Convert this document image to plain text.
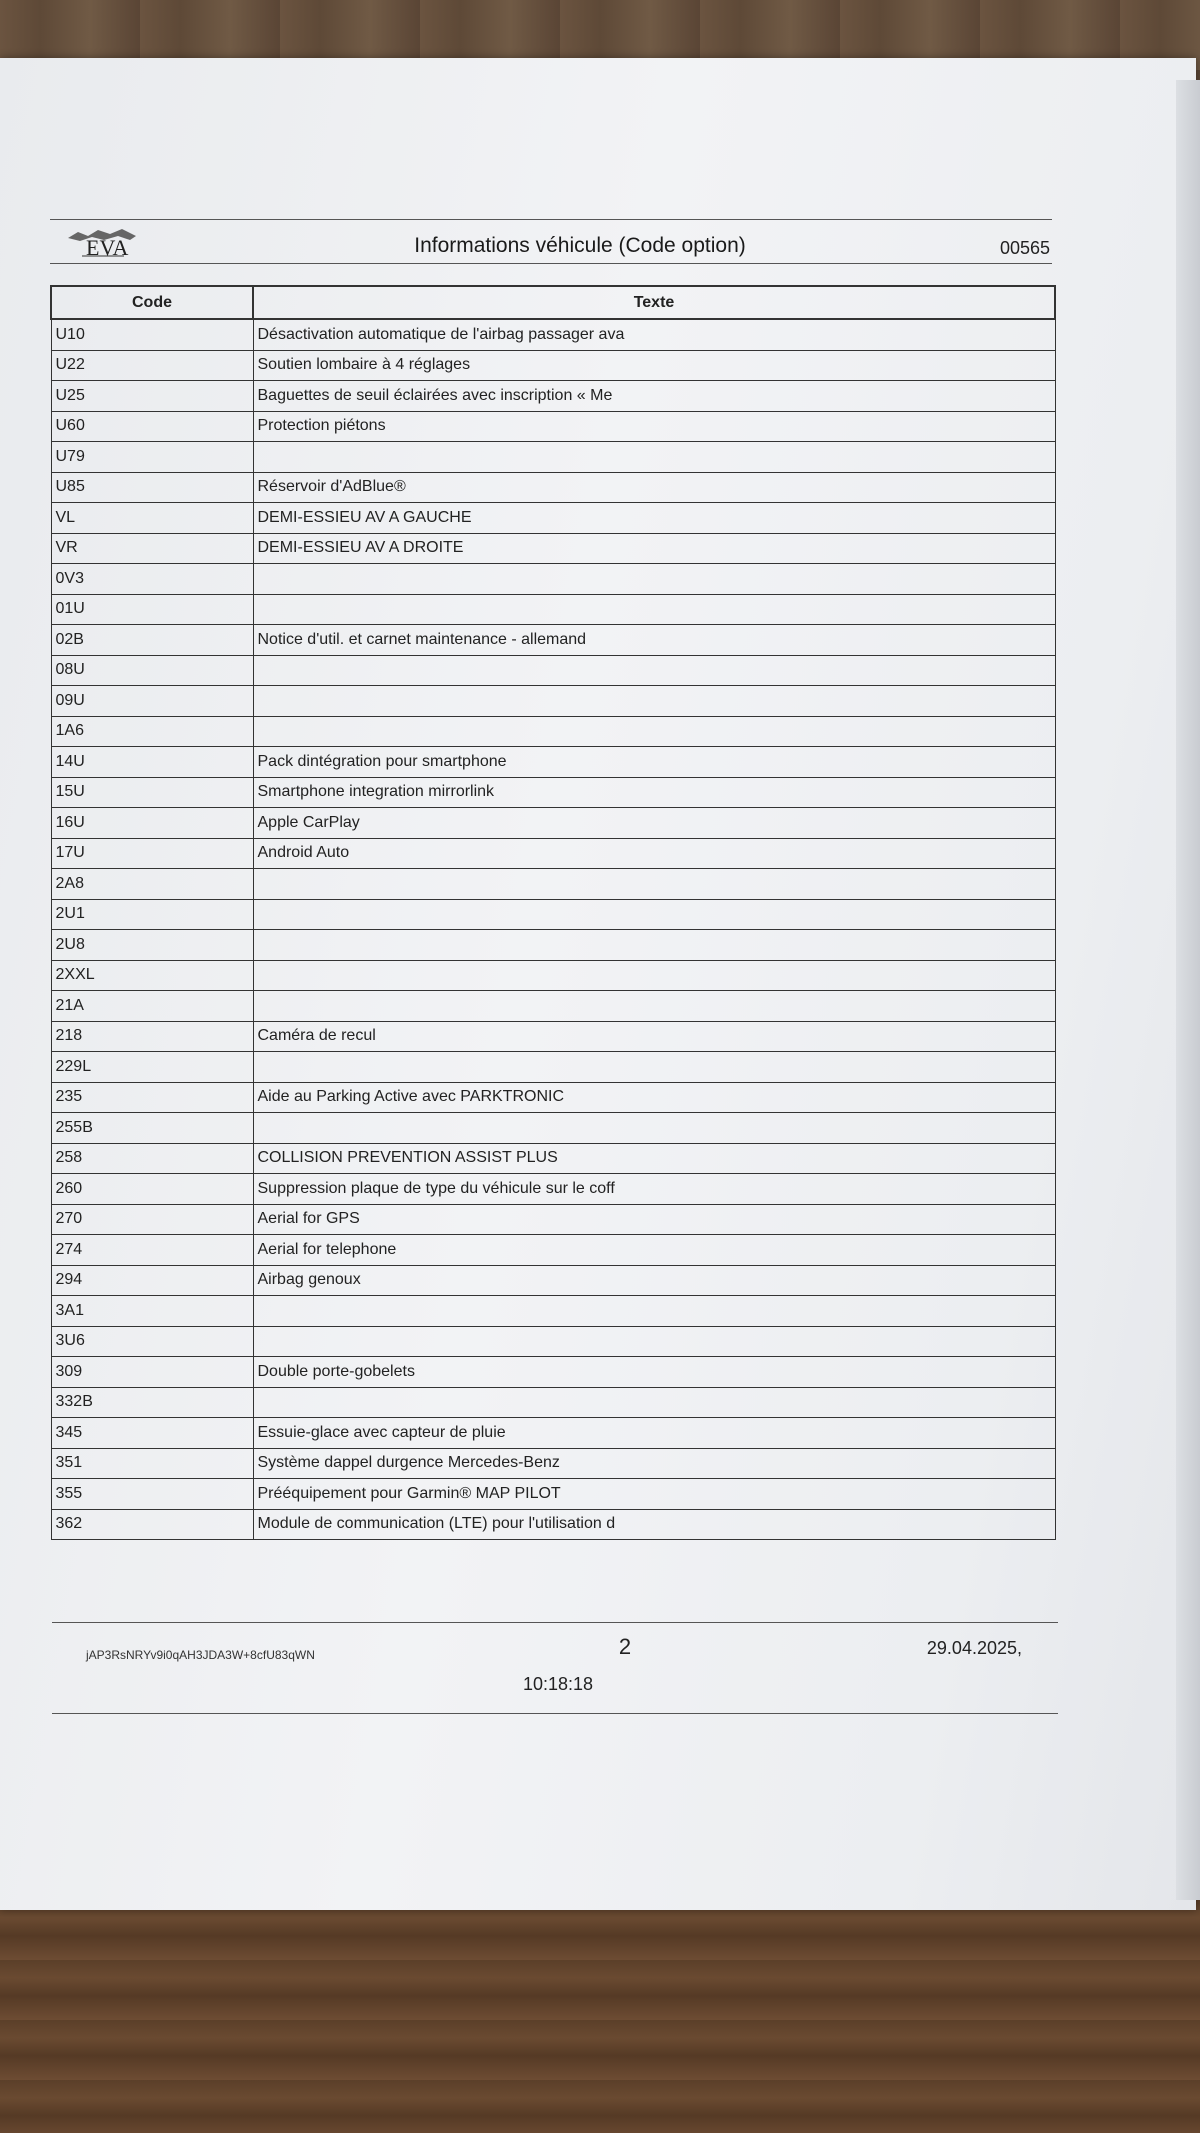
EVA	Informations véhicule (Code option)	00565
Code	Texte
U10	Désactivation automatique de l'airbag passager ava
U22	Soutien lombaire à 4 réglages
U25	Baguettes de seuil éclairées avec inscription « Me
U60	Protection piétons
U79	
U85	Réservoir d'AdBlue®
VL	DEMI-ESSIEU AV A GAUCHE
VR	DEMI-ESSIEU AV A DROITE
0V3	
01U	
02B	Notice d'util. et carnet maintenance - allemand
08U	
09U	
1A6	
14U	Pack dintégration pour smartphone
15U	Smartphone integration mirrorlink
16U	Apple CarPlay
17U	Android Auto
2A8	
2U1	
2U8	
2XXL	
21A	
218	Caméra de recul
229L	
235	Aide au Parking Active avec PARKTRONIC
255B	
258	COLLISION PREVENTION ASSIST PLUS
260	Suppression plaque de type du véhicule sur le coff
270	Aerial for GPS
274	Aerial for telephone
294	Airbag genoux
3A1	
3U6	
309	Double porte-gobelets
332B	
345	Essuie-glace avec capteur de pluie
351	Système dappel durgence Mercedes-Benz
355	Prééquipement pour Garmin® MAP PILOT
362	Module de communication (LTE) pour l'utilisation d
jAP3RsNRYv9i0qAH3JDA3W+8cfU83qWN	2	29.04.2025,
10:18:18
